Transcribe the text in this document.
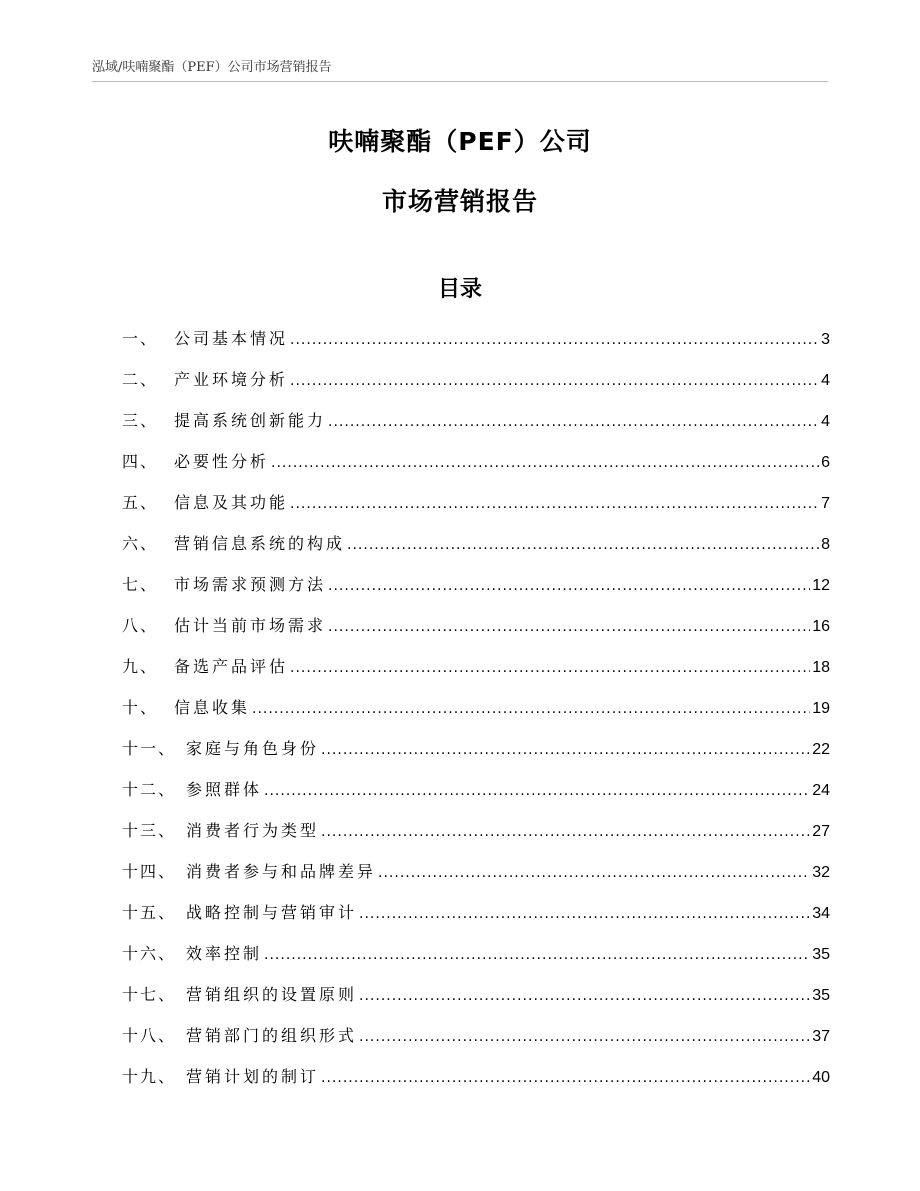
泓域/呋喃聚酯（PEF）公司市场营销报告
呋喃聚酯（PEF）公司
市场营销报告
目录
一、 公司基本情况 .....	3
二、 产业环境分析 .....	4
三、 提高系统创新能力 .....	4
四、 必要性分析 .....	6
五、 信息及其功能 .....	7
六、 营销信息系统的构成 .....	8
七、 市场需求预测方法 .....	12
八、 估计当前市场需求 .....	16
九、 备选产品评估 .....	18
十、 信息收集 .....	19
十一、 家庭与角色身份 .....	22
十二、 参照群体 .....	24
十三、 消费者行为类型 .....	27
十四、 消费者参与和品牌差异 .....	32
十五、 战略控制与营销审计 .....	34
十六、 效率控制 .....	35
十七、 营销组织的设置原则 .....	35
十八、 营销部门的组织形式 .....	37
十九、 营销计划的制订 .....	40
